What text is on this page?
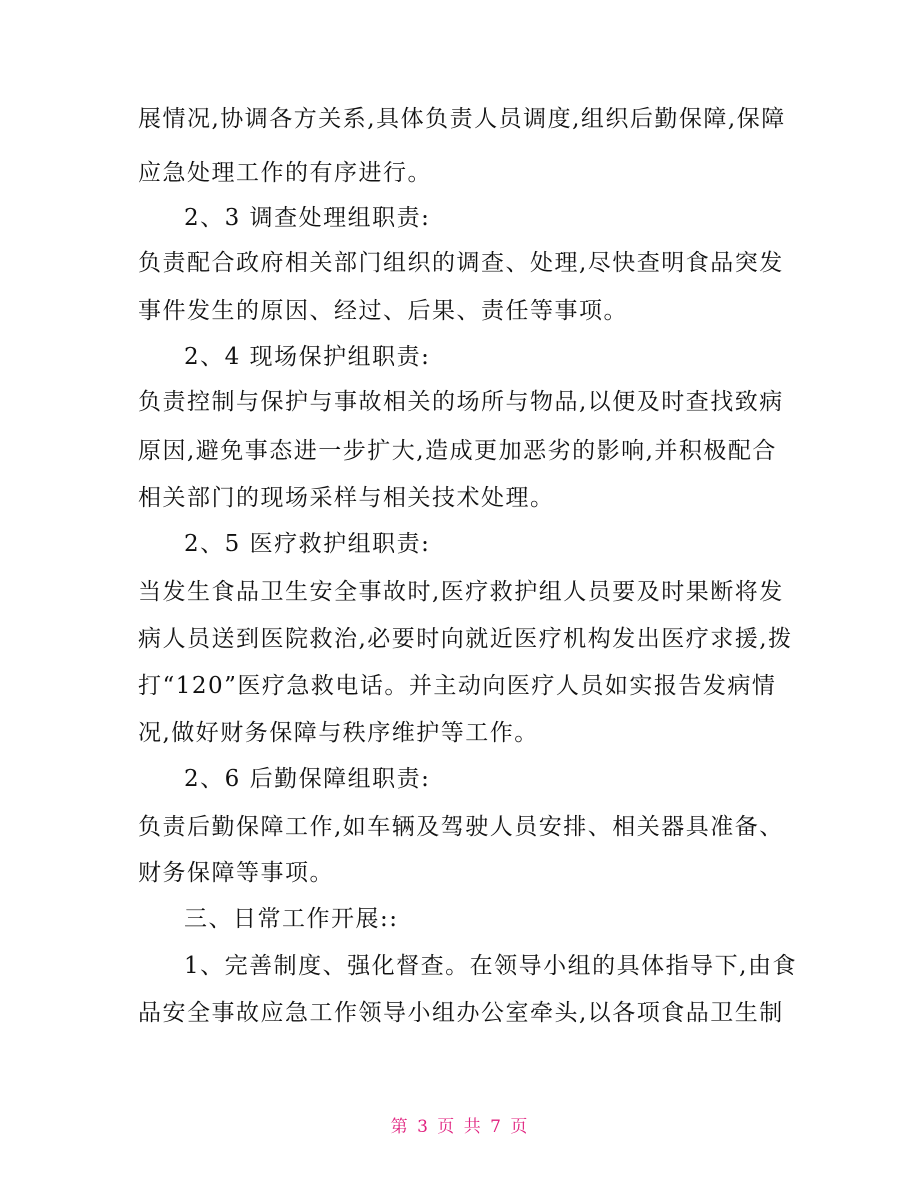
展情况,协调各方关系,具体负责人员调度,组织后勤保障,保障
应急处理工作的有序进行。
2、3 调查处理组职责:
负责配合政府相关部门组织的调查、处理,尽快查明食品突发
事件发生的原因、经过、后果、责任等事项。
2、4 现场保护组职责:
负责控制与保护与事故相关的场所与物品,以便及时查找致病
原因,避免事态进一步扩大,造成更加恶劣的影响,并积极配合
相关部门的现场采样与相关技术处理。
2、5 医疗救护组职责:
当发生食品卫生安全事故时,医疗救护组人员要及时果断将发
病人员送到医院救治,必要时向就近医疗机构发出医疗求援,拨
打“120”医疗急救电话。并主动向医疗人员如实报告发病情
况,做好财务保障与秩序维护等工作。
2、6 后勤保障组职责:
负责后勤保障工作,如车辆及驾驶人员安排、相关器具准备、
财务保障等事项。
三、日常工作开展::
1、完善制度、强化督查。在领导小组的具体指导下,由食
品安全事故应急工作领导小组办公室牵头,以各项食品卫生制
第 3 页 共 7 页
